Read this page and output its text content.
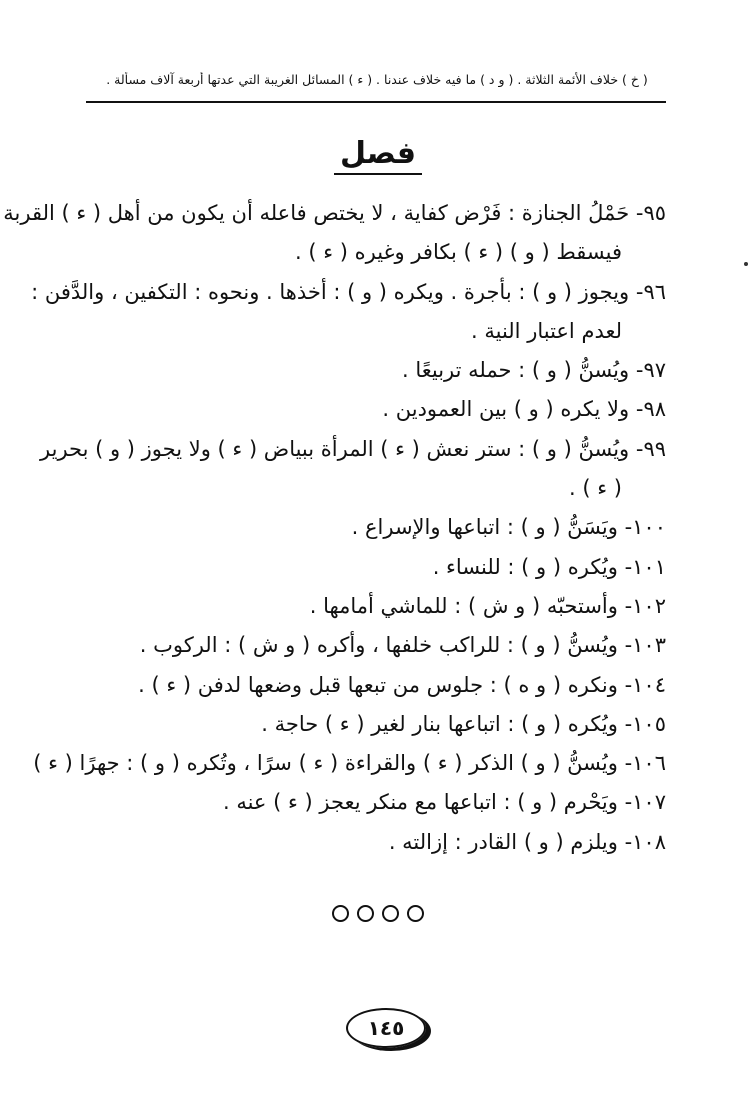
( خ ) خلاف الأئمة الثلاثة . ( و د ) ما فيه خلاف عندنا . ( ء ) المسائل الغريبة التي عدتها أربعة آلاف مسألة .
فصل
٩٥- حَمْلُ الجنازة : فَرْض كفاية ، لا يختص فاعله أن يكون من أهل ( ء ) القربة
فيسقط ( و ) ( ء ) بكافر وغيره ( ء ) .
٩٦- ويجوز ( و ) : بأجرة . ويكره ( و ) : أخذها . ونحوه : التكفين ، والدَّفن :
لعدم اعتبار النية .
٩٧- ويُسنُّ ( و ) : حمله تربيعًا .
٩٨- ولا يكره ( و ) بين العمودين .
٩٩- ويُسنُّ ( و ) : ستر نعش ( ء ) المرأة ببياض ( ء ) ولا يجوز ( و ) بحرير
( ء ) .
١٠٠- ويَسَنُّ ( و ) : اتباعها والإسراع .
١٠١- ويُكره ( و ) : للنساء .
١٠٢- وأستحبّه ( و ش ) : للماشي أمامها .
١٠٣- ويُسنُّ ( و ) : للراكب خلفها ، وأكره ( و ش ) : الركوب .
١٠٤- ونكره ( و ه ) : جلوس من تبعها قبل وضعها لدفن ( ء ) .
١٠٥- ويُكره ( و ) : اتباعها بنار لغير ( ء ) حاجة .
١٠٦- ويُسنُّ ( و ) الذكر ( ء ) والقراءة ( ء ) سرًا ، وتُكره ( و ) : جهرًا ( ء )
١٠٧- ويَحْرم ( و ) : اتباعها مع منكر يعجز ( ء ) عنه .
١٠٨- ويلزم ( و ) القادر : إزالته .
١٤٥
